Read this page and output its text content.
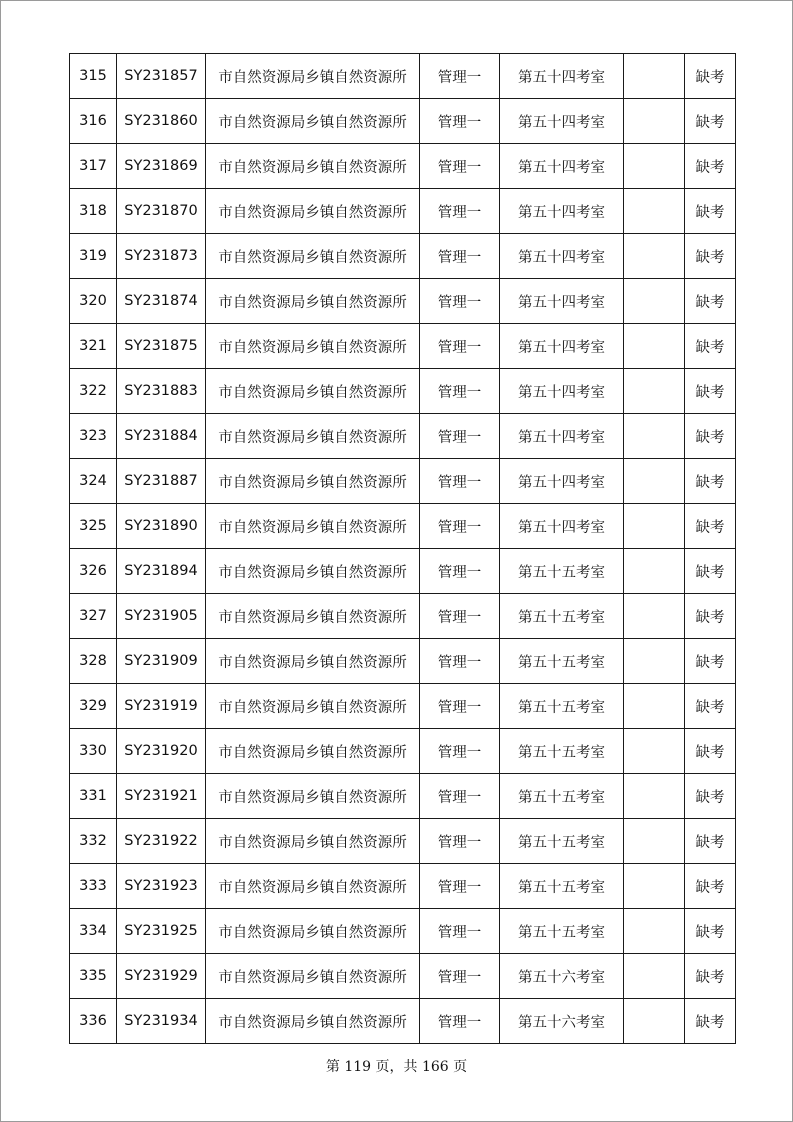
315	SY231857	市自然资源局乡镇自然资源所	管理一	第五十四考室		缺考
316	SY231860	市自然资源局乡镇自然资源所	管理一	第五十四考室		缺考
317	SY231869	市自然资源局乡镇自然资源所	管理一	第五十四考室		缺考
318	SY231870	市自然资源局乡镇自然资源所	管理一	第五十四考室		缺考
319	SY231873	市自然资源局乡镇自然资源所	管理一	第五十四考室		缺考
320	SY231874	市自然资源局乡镇自然资源所	管理一	第五十四考室		缺考
321	SY231875	市自然资源局乡镇自然资源所	管理一	第五十四考室		缺考
322	SY231883	市自然资源局乡镇自然资源所	管理一	第五十四考室		缺考
323	SY231884	市自然资源局乡镇自然资源所	管理一	第五十四考室		缺考
324	SY231887	市自然资源局乡镇自然资源所	管理一	第五十四考室		缺考
325	SY231890	市自然资源局乡镇自然资源所	管理一	第五十四考室		缺考
326	SY231894	市自然资源局乡镇自然资源所	管理一	第五十五考室		缺考
327	SY231905	市自然资源局乡镇自然资源所	管理一	第五十五考室		缺考
328	SY231909	市自然资源局乡镇自然资源所	管理一	第五十五考室		缺考
329	SY231919	市自然资源局乡镇自然资源所	管理一	第五十五考室		缺考
330	SY231920	市自然资源局乡镇自然资源所	管理一	第五十五考室		缺考
331	SY231921	市自然资源局乡镇自然资源所	管理一	第五十五考室		缺考
332	SY231922	市自然资源局乡镇自然资源所	管理一	第五十五考室		缺考
333	SY231923	市自然资源局乡镇自然资源所	管理一	第五十五考室		缺考
334	SY231925	市自然资源局乡镇自然资源所	管理一	第五十五考室		缺考
335	SY231929	市自然资源局乡镇自然资源所	管理一	第五十六考室		缺考
336	SY231934	市自然资源局乡镇自然资源所	管理一	第五十六考室		缺考
第 119 页，共 166 页
